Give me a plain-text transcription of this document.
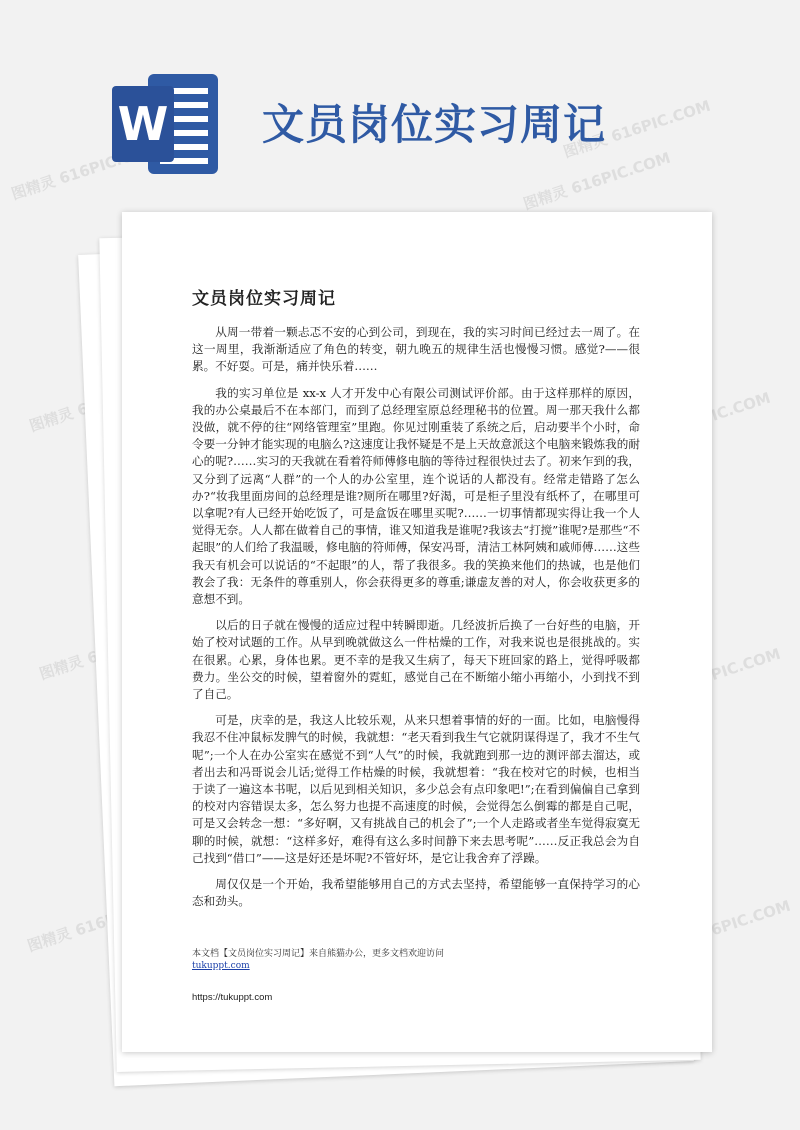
图精灵 616PIC.COM
图精灵 616PIC.COM
图精灵 616PIC.COM
图精灵	616PIC.COM
图精灵	616PIC.COM
图精灵 616PIC.COM	图精灵 616PIC.COM
W 文员岗位实习周记
文员岗位实习周记

从周一带着一颗忐忑不安的心到公司，到现在，我的实习时间已经过去一周了。在这一周里，我渐渐适应了角色的转变，朝九晚五的规律生活也慢慢习惯。感觉?——很累。不好耍。可是，痛并快乐着……

我的实习单位是 xx-x 人才开发中心有限公司测试评价部。由于这样那样的原因，我的办公桌最后不在本部门，而到了总经理室原总经理秘书的位置。周一那天我什么都没做，就不停的往“网络管理室”里跑。你见过刚重装了系统之后，启动要半个小时，命令要一分钟才能实现的电脑么?这速度让我怀疑是不是上天故意派这个电脑来锻炼我的耐心的呢?……实习的天我就在看着符师傅修电脑的等待过程很快过去了。初来乍到的我，又分到了远离“人群”的一个人的办公室里，连个说话的人都没有。经常走错路了怎么办?“妆我里面房间的总经理是谁?厕所在哪里?好渴，可是柜子里没有纸杯了，在哪里可以拿呢?有人已经开始吃饭了，可是盒饭在哪里买呢?……一切事情都现实得让我一个人觉得无奈。人人都在做着自己的事情，谁又知道我是谁呢?我该去“打搅”谁呢?是那些“不起眼”的人们给了我温暖，修电脑的符师傅，保安冯哥，清洁工林阿姨和戚师傅……这些我天有机会可以说话的“不起眼”的人，帮了我很多。我的笑换来他们的热诚，也是他们教会了我：无条件的尊重别人，你会获得更多的尊重;谦虚友善的对人，你会收获更多的意想不到。

以后的日子就在慢慢的适应过程中转瞬即逝。几经波折后换了一台好些的电脑，开始了校对试题的工作。从早到晚就做这么一件枯燥的工作，对我来说也是很挑战的。实在很累。心累，身体也累。更不幸的是我又生病了，每天下班回家的路上，觉得呼吸都费力。坐公交的时候，望着窗外的霓虹，感觉自己在不断缩小缩小再缩小，小到找不到了自己。

可是，庆幸的是，我这人比较乐观，从来只想着事情的好的一面。比如，电脑慢得我忍不住冲鼠标发脾气的时候，我就想：“老天看到我生气它就阴谋得逞了，我才不生气呢”;一个人在办公室实在感觉不到“人气”的时候，我就跑到那一边的测评部去溜达，或者出去和冯哥说会儿话;觉得工作枯燥的时候，我就想着：“我在校对它的时候，也相当于读了一遍这本书呢，以后见到相关知识，多少总会有点印象吧!”;在看到偏偏自己拿到的校对内容错误太多，怎么努力也提不高速度的时候，会觉得怎么倒霉的都是自己呢，可是又会转念一想：“多好啊，又有挑战自己的机会了”;一个人走路或者坐车觉得寂寞无聊的时候，就想：“这样多好，难得有这么多时间静下来去思考呢”……反正我总会为自己找到“借口”——这是好还是坏呢?不管好坏，是它让我舍弃了浮躁。

周仅仅是一个开始，我希望能够用自己的方式去坚持，希望能够一直保持学习的心态和劲头。

本文档【文员岗位实习周记】来自熊猫办公，更多文档欢迎访问
tukuppt.com
https://tukuppt.com
